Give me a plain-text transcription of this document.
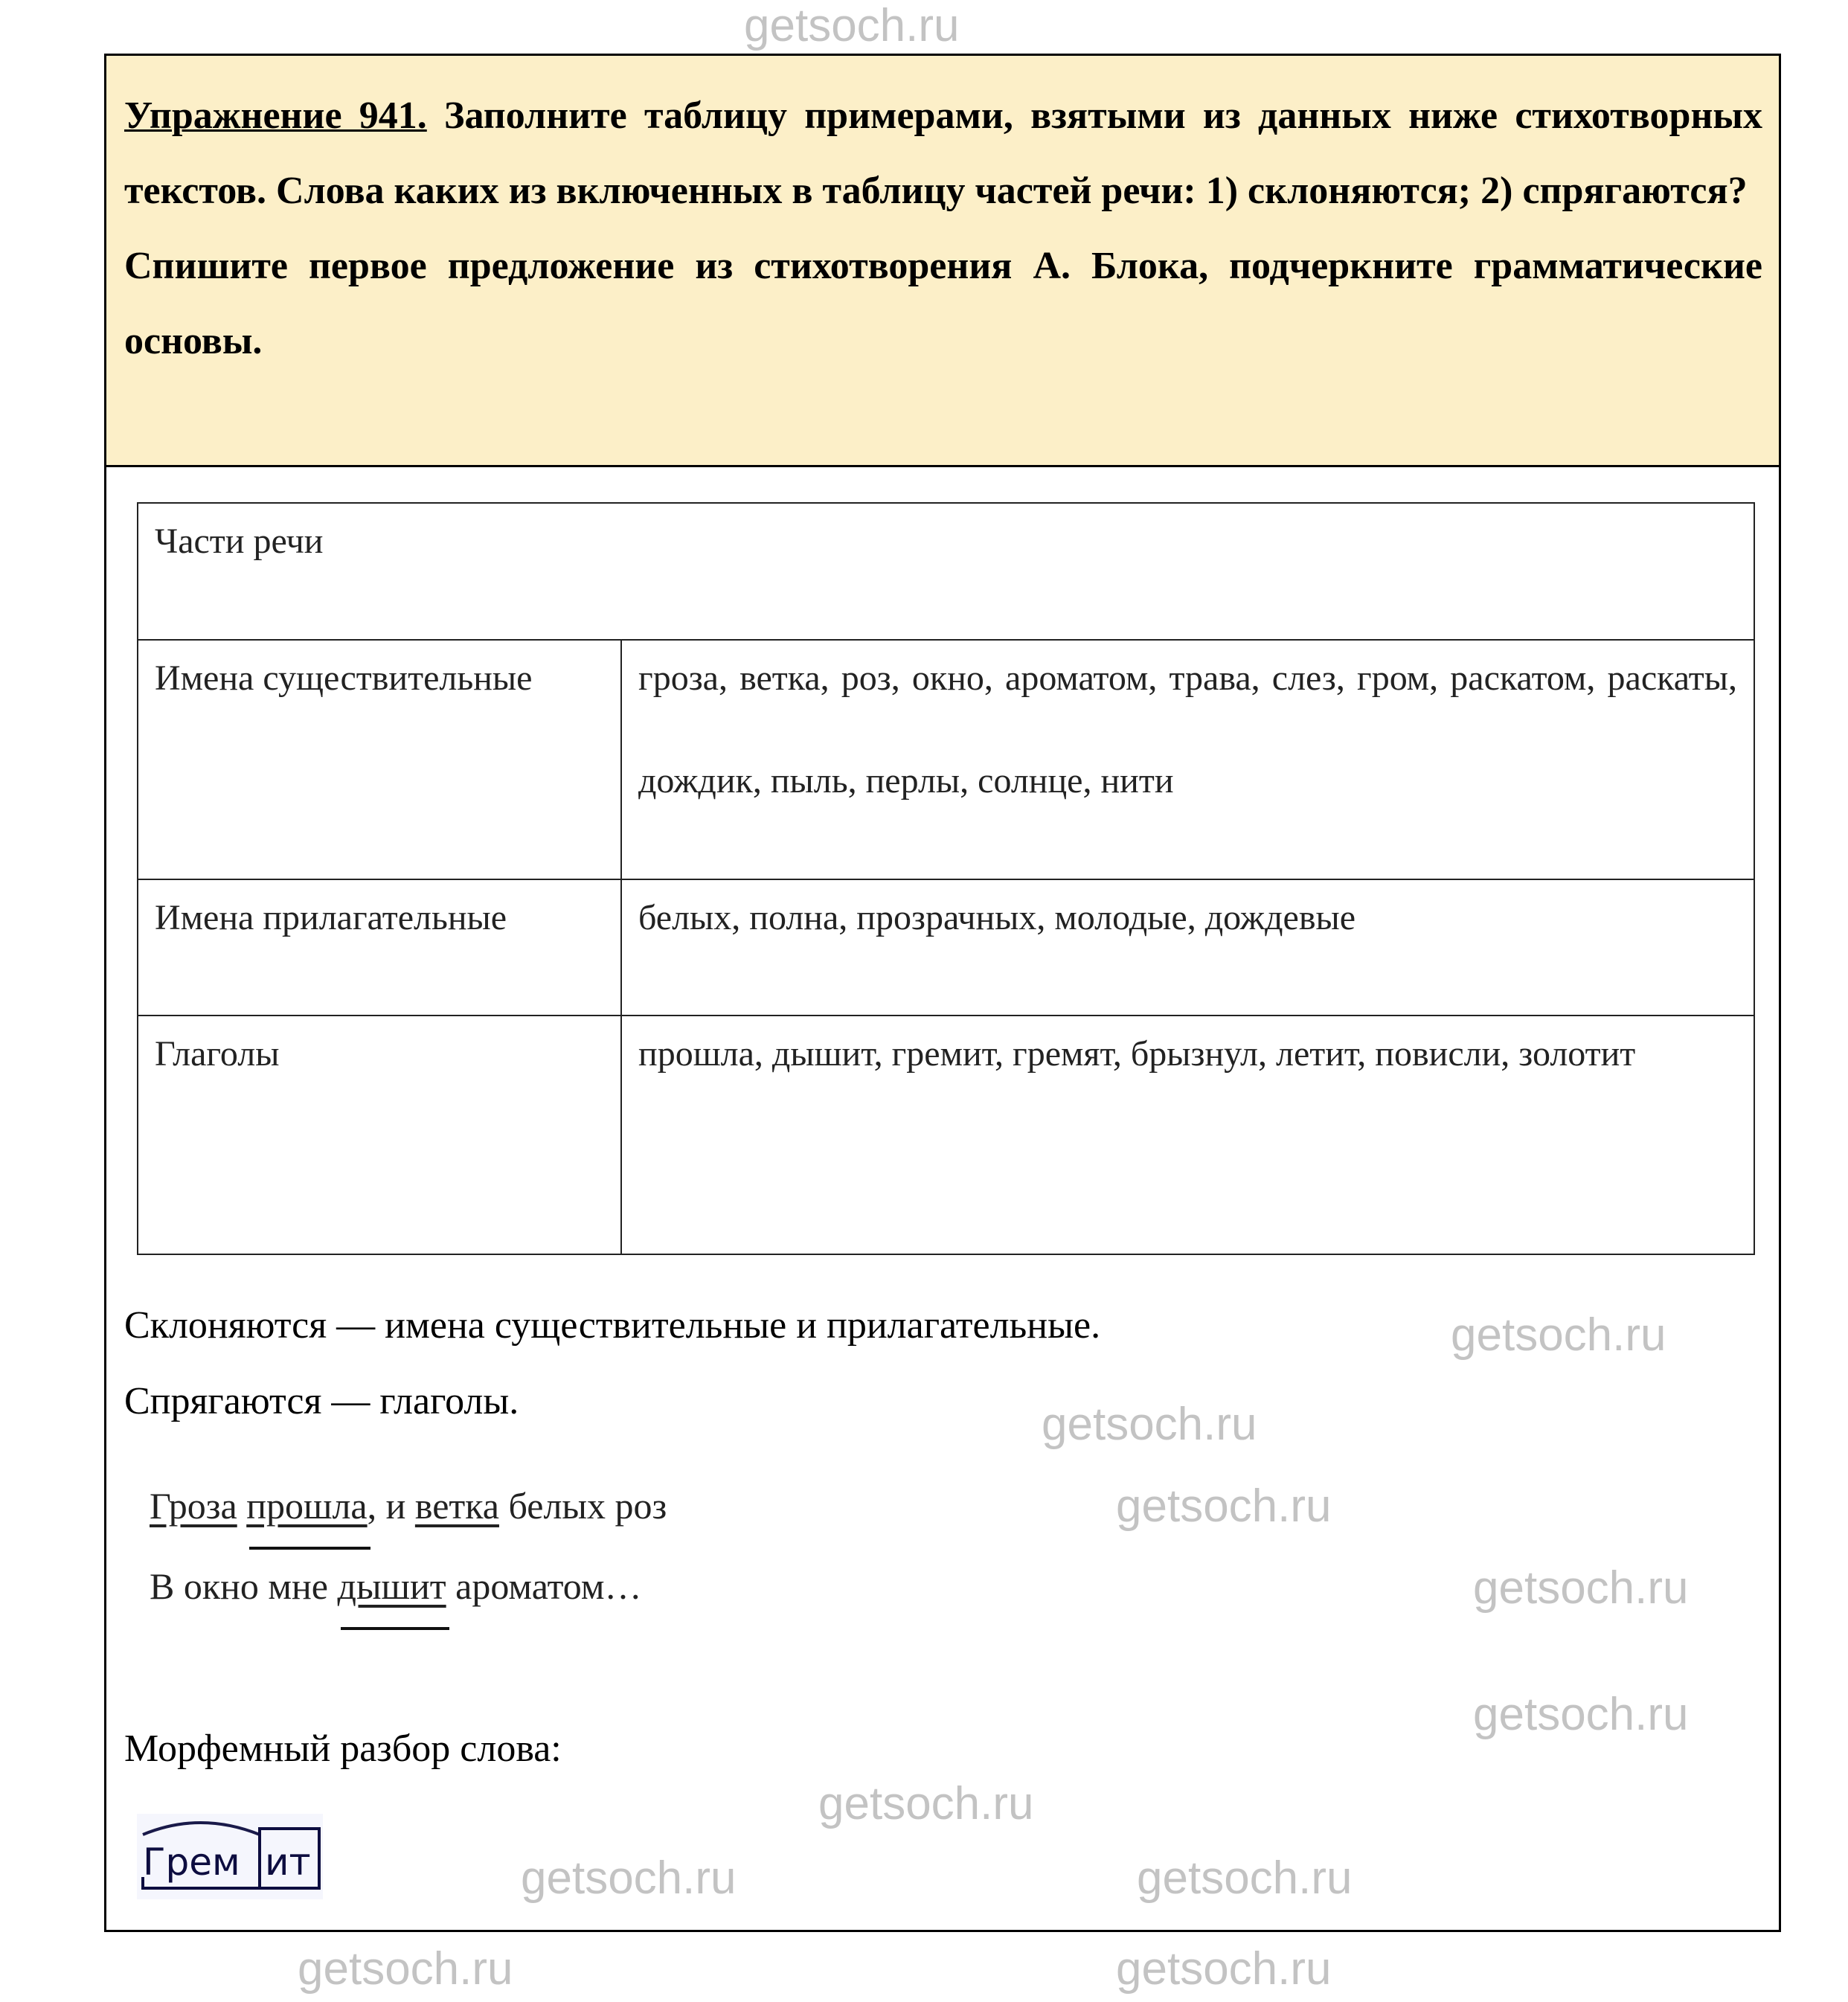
Упражнение 941. Заполните таблицу примерами, взятыми из данных ниже стихотворных текстов. Слова каких из включенных в таблицу частей речи: 1) склоняются; 2) спрягаются?

Спишите первое предложение из стихотворения А. Блока, подчеркните грамматические основы.

Части речи	

Имена существительные	гроза, ветка, роз, окно, ароматом, трава, слез, гром, раскатом, раскаты, дождик, пыль, перлы, солнце, нити

Имена прилагательные	белых, полна, прозрачных, молодые, дождевые

Глаголы	прошла, дышит, гремит, гремят, брызнул, летит, повисли, золотит

Склоняются — имена существительные и прилагательные.

Спрягаются — глаголы.

Гроза прошла, и ветка белых роз

В окно мне дышит ароматом…

Морфемный разбор слова:

Грем ит
getsoch.ru
getsoch.ru
getsoch.ru
getsoch.ru
getsoch.ru
getsoch.ru
getsoch.ru
getsoch.ru
getsoch.ru
getsoch.ru	getsoch.ru
